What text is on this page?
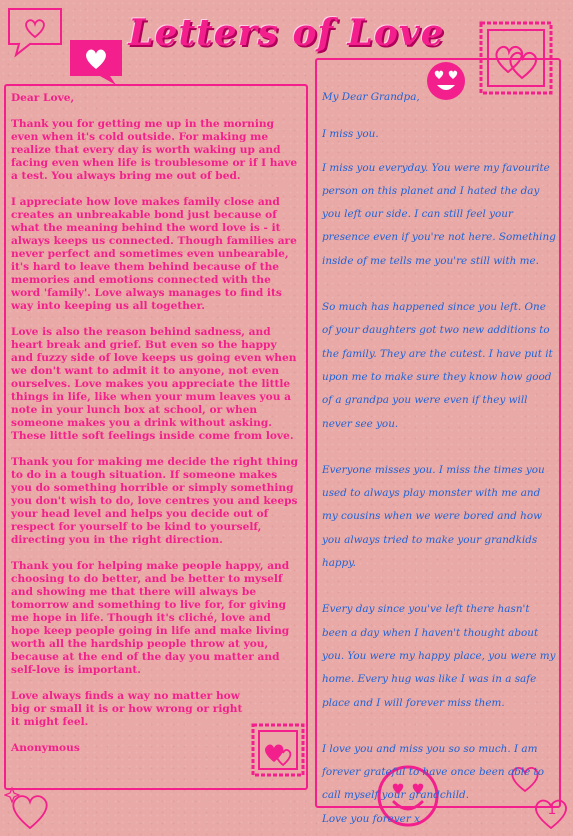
Letters of Love
1

Dear Love,

Thank you for getting me up in the morning even when it's cold outside. For making me realize that every day is worth waking up and facing even when life is troublesome or if I have a test. You always bring me out of bed.

I appreciate how love makes family close and creates an unbreakable bond just because of what the meaning behind the word love is - it always keeps us connected. Though families are never perfect and sometimes even unbearable, it's hard to leave them behind because of the memories and emotions connected with the word 'family'. Love always manages to find its way into keeping us all together.

Love is also the reason behind sadness, and heart break and grief. But even so the happy and fuzzy side of love keeps us going even when we don't want to admit it to anyone, not even ourselves. Love makes you appreciate the little things in life, like when your mum leaves you a note in your lunch box at school, or when someone makes you a drink without asking. These little soft feelings inside come from love.

Thank you for making me decide the right thing to do in a tough situation. If someone makes you do something horrible or simply something you don't wish to do, love centres you and keeps your head level and helps you decide out of respect for yourself to be kind to yourself, directing you in the right direction.

Thank you for helping make people happy, and choosing to do better, and be better to myself and showing me that there will always be tomorrow and something to live for, for giving me hope in life. Though it's cliché, love and hope keep people going in life and make living worth all the hardship people throw at you, because at the end of the day you matter and self-love is important.

Love always finds a way no matter how big or small it is or how wrong or right it might feel.

Anonymous

My Dear Grandpa,

I miss you.

I miss you everyday. You were my favourite person on this planet and I hated the day you left our side. I can still feel your presence even if you're not here. Something inside of me tells me you're still with me.

So much has happened since you left. One of your daughters got two new additions to the family. They are the cutest. I have put it upon me to make sure they know how good of a grandpa you were even if they will never see you.

Everyone misses you. I miss the times you used to always play monster with me and my cousins when we were bored and how you always tried to make your grandkids happy.

Every day since you've left there hasn't been a day when I haven't thought about you. You were my happy place, you were my home. Every hug was like I was in a safe place and I will forever miss them.

I love you and miss you so so much. I am forever grateful to have once been able to call myself your grandchild.

Love you forever x
